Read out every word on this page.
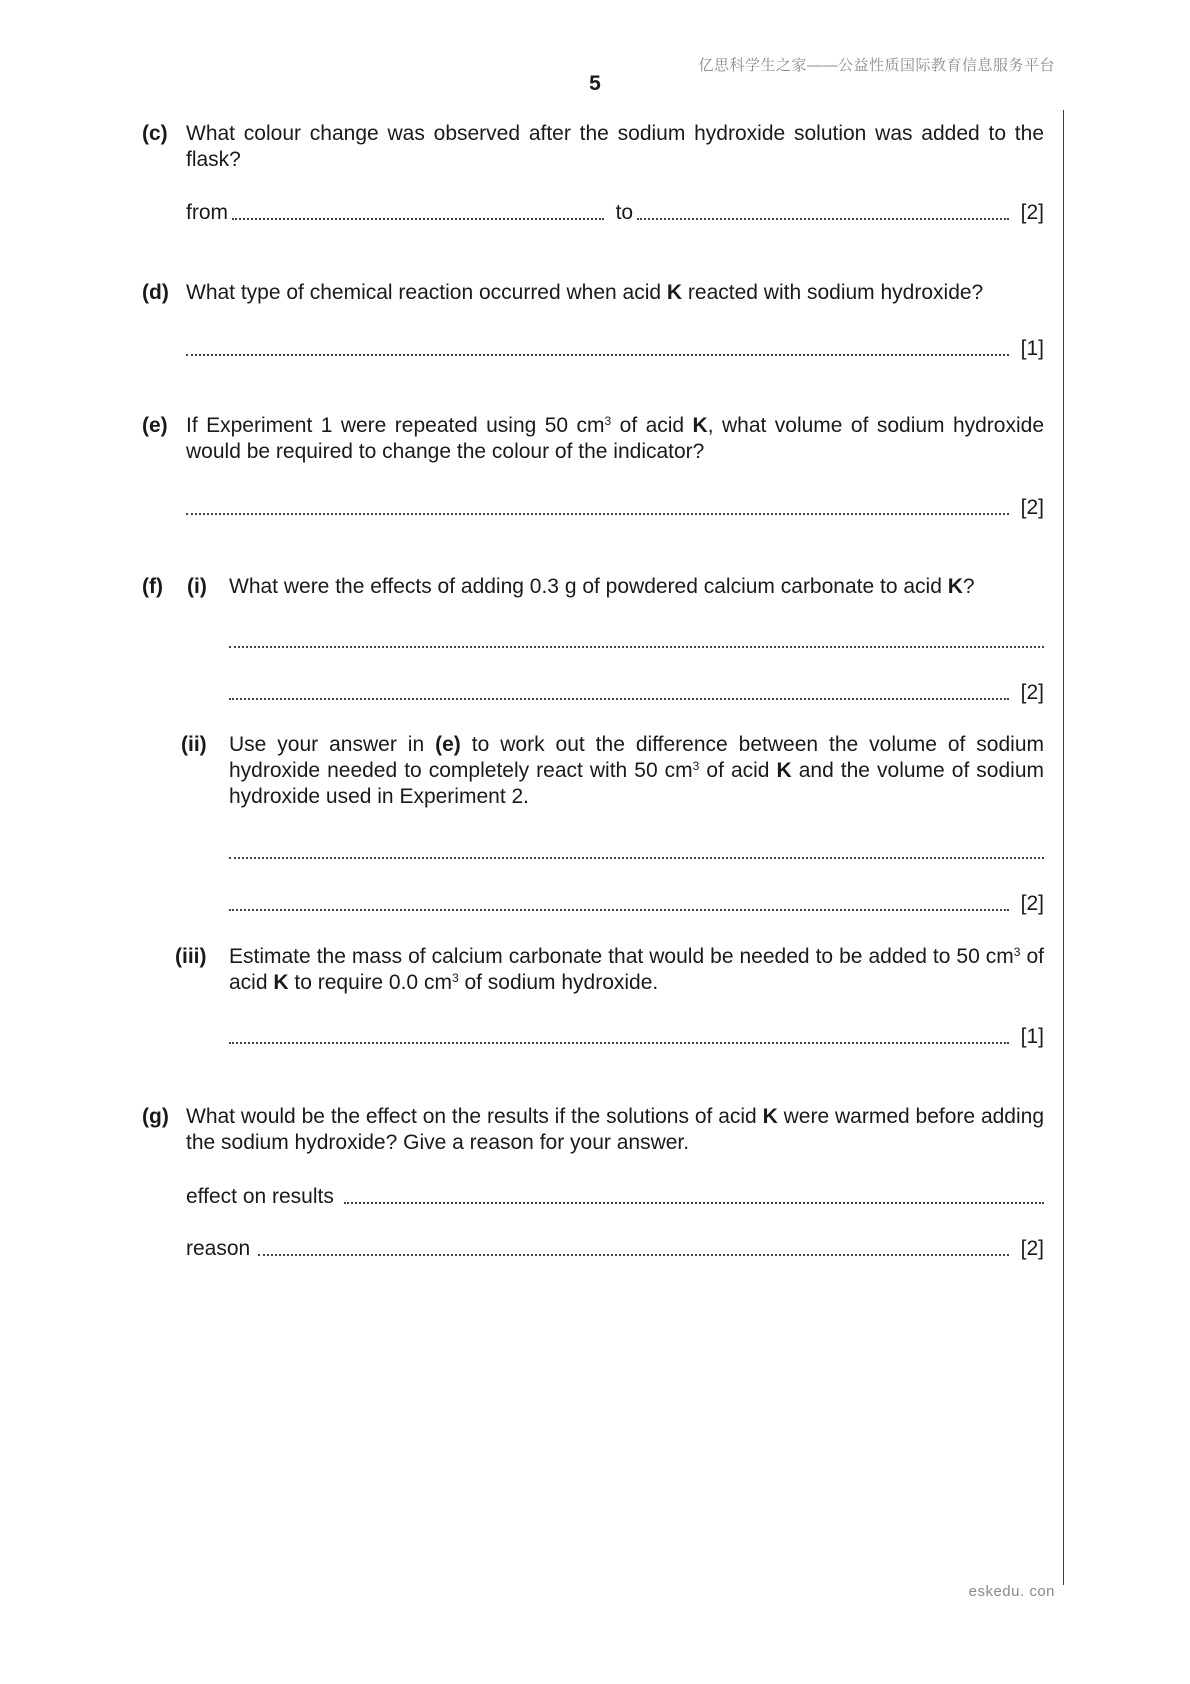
亿思科学生之家——公益性质国际教育信息服务平台
5
(c) What colour change was observed after the sodium hydroxide solution was added to the flask?
from	to	[2]
(d) What type of chemical reaction occurred when acid K reacted with sodium hydroxide?
[1]
(e) If Experiment 1 were repeated using 50 $cm^3$ of acid K, what volume of sodium hydroxide would be required to change the colour of the indicator?
[2]
(f) (i) What were the effects of adding 0.3 g of powdered calcium carbonate to acid K?
[2]
(ii) Use your answer in (e) to work out the difference between the volume of sodium hydroxide needed to completely react with 50 $cm^3$ of acid K and the volume of sodium hydroxide used in Experiment 2.
[2]
(iii) Estimate the mass of calcium carbonate that would be needed to be added to 50 $cm^3$ of acid K to require 0.0 $cm^3$ of sodium hydroxide.
[1]
(g) What would be the effect on the results if the solutions of acid K were warmed before adding the sodium hydroxide? Give a reason for your answer.
effect on results
reason	[2]
eskedu. con
